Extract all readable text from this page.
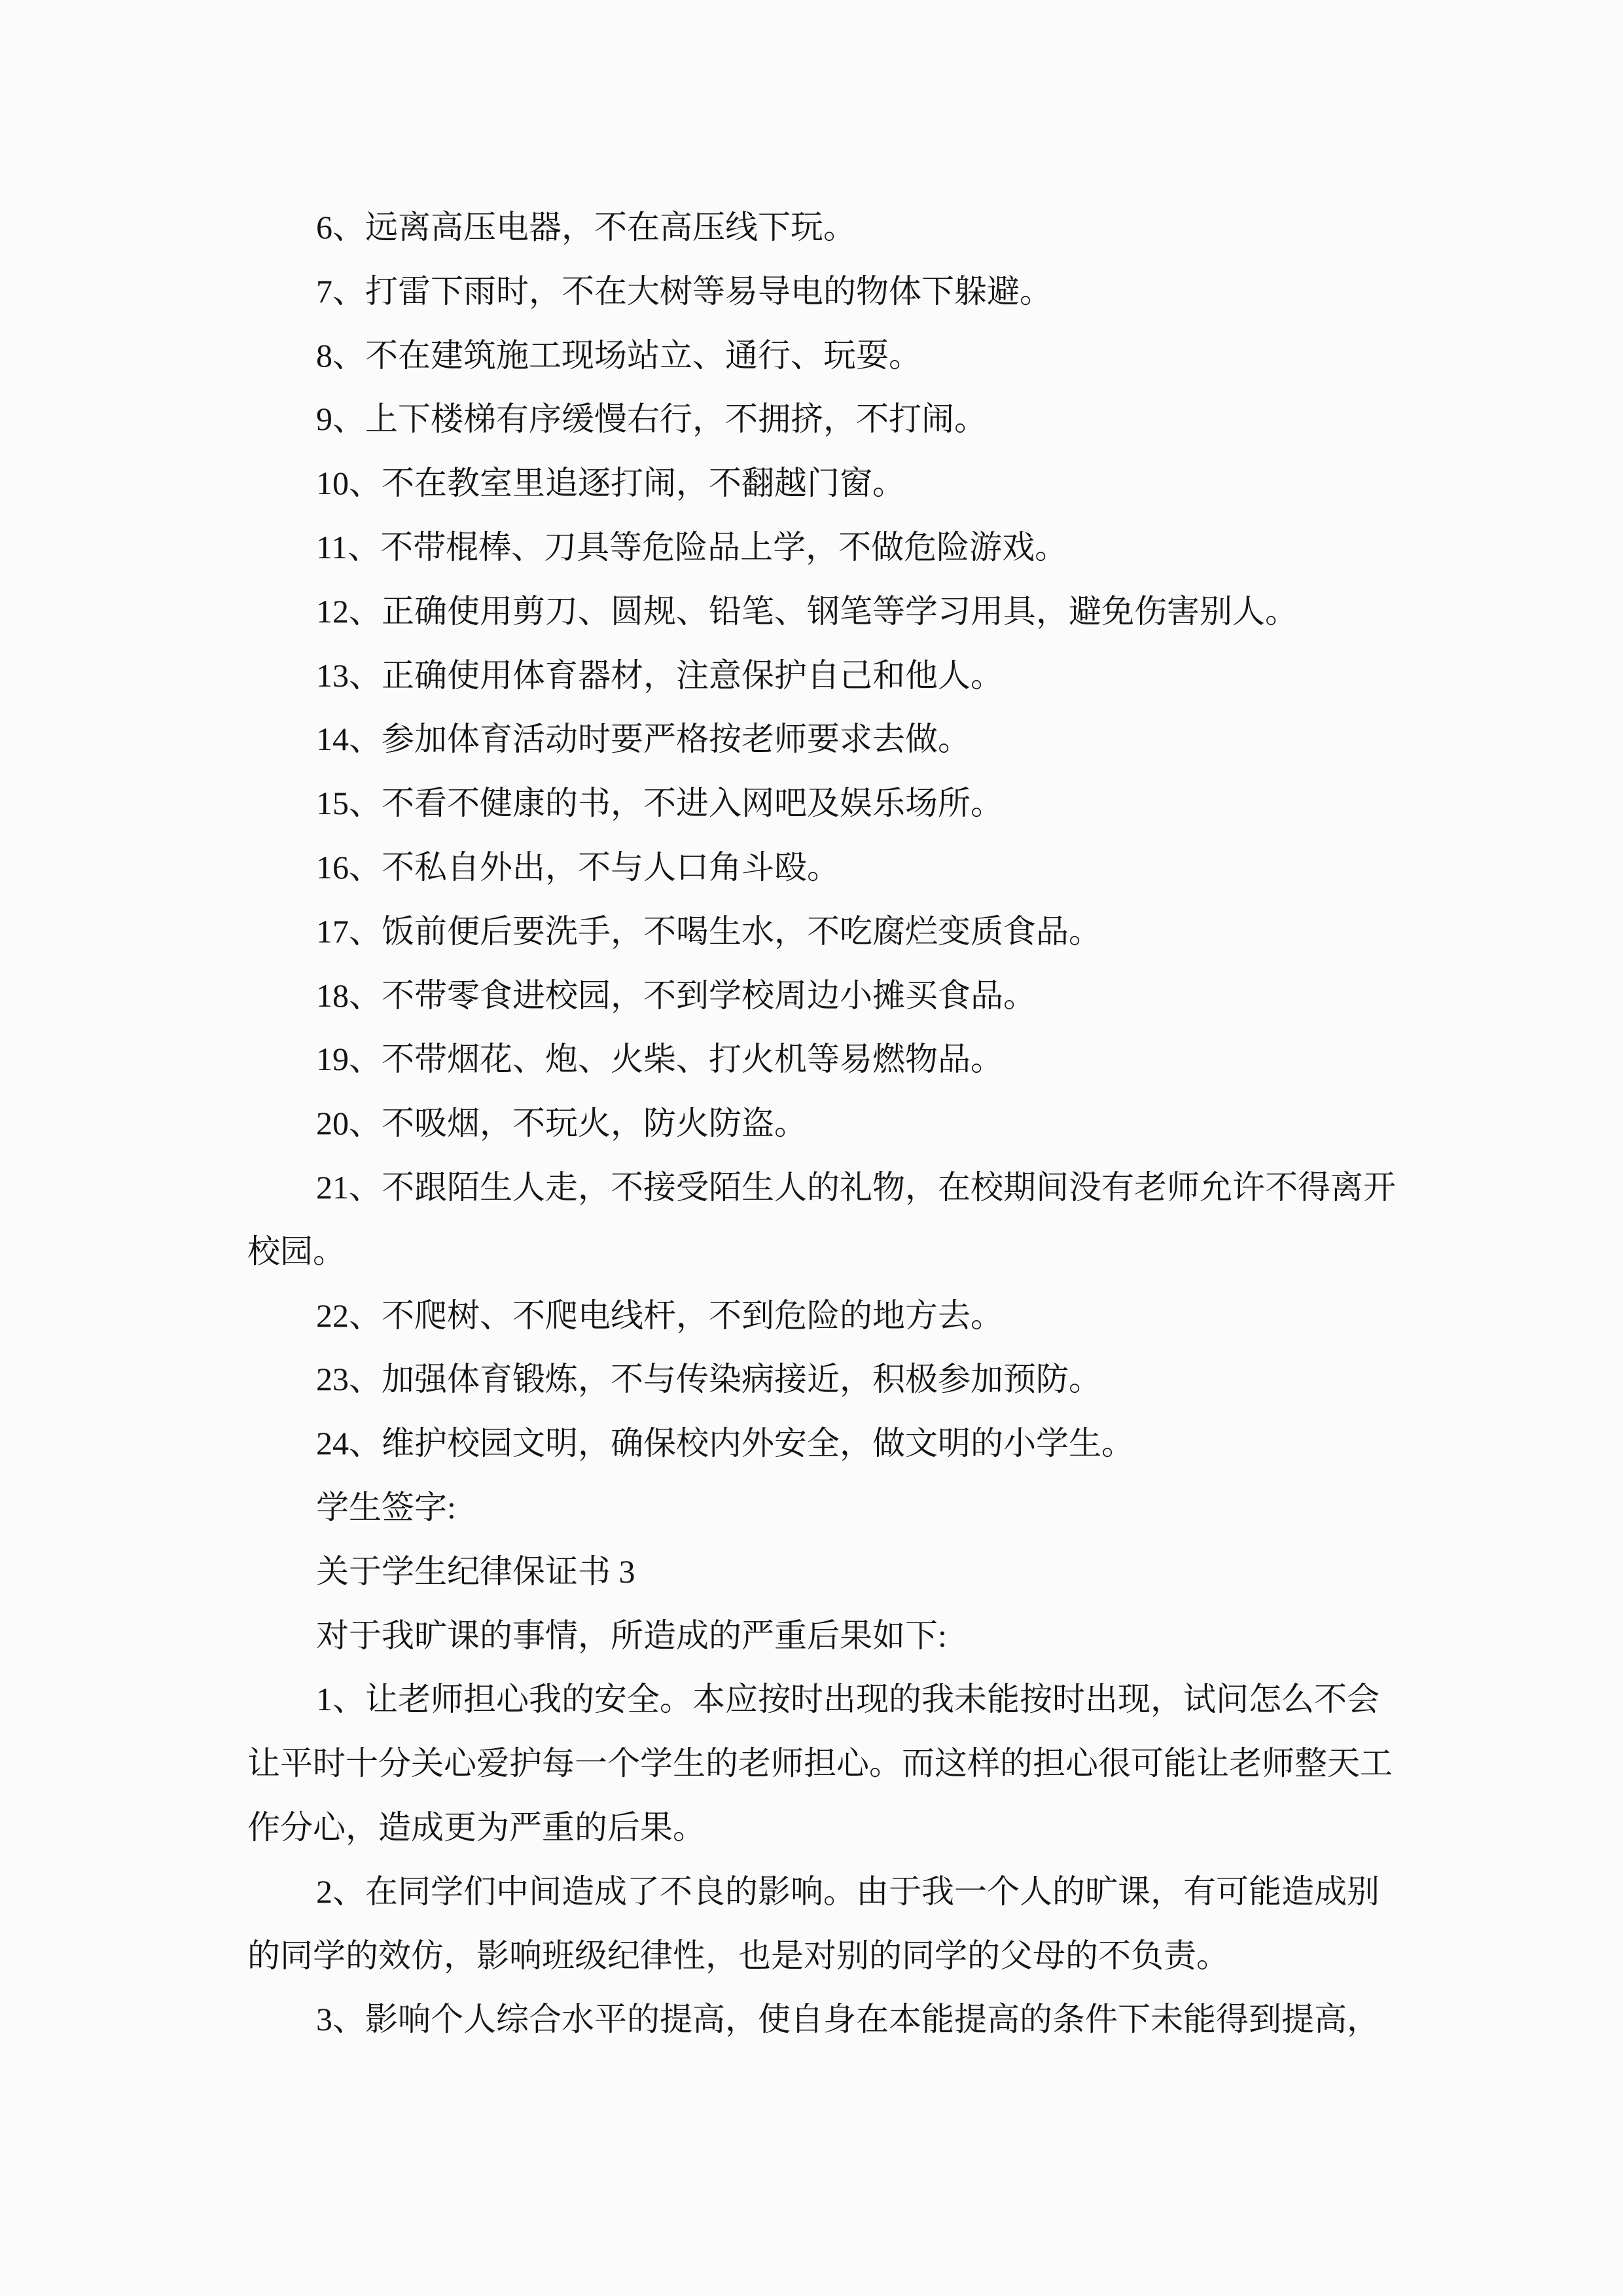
6、远离高压电器，不在高压线下玩。
7、打雷下雨时，不在大树等易导电的物体下躲避。
8、不在建筑施工现场站立、通行、玩耍。
9、上下楼梯有序缓慢右行，不拥挤，不打闹。
10、不在教室里追逐打闹，不翻越门窗。
11、不带棍棒、刀具等危险品上学，不做危险游戏。
12、正确使用剪刀、圆规、铅笔、钢笔等学习用具，避免伤害别人。
13、正确使用体育器材，注意保护自己和他人。
14、参加体育活动时要严格按老师要求去做。
15、不看不健康的书，不进入网吧及娱乐场所。
16、不私自外出，不与人口角斗殴。
17、饭前便后要洗手，不喝生水，不吃腐烂变质食品。
18、不带零食进校园，不到学校周边小摊买食品。
19、不带烟花、炮、火柴、打火机等易燃物品。
20、不吸烟，不玩火，防火防盗。
21、不跟陌生人走，不接受陌生人的礼物，在校期间没有老师允许不得离开
校园。
22、不爬树、不爬电线杆，不到危险的地方去。
23、加强体育锻炼，不与传染病接近，积极参加预防。
24、维护校园文明，确保校内外安全，做文明的小学生。
学生签字:
关于学生纪律保证书 3
对于我旷课的事情，所造成的严重后果如下:
1、让老师担心我的安全。本应按时出现的我未能按时出现，试问怎么不会
让平时十分关心爱护每一个学生的老师担心。而这样的担心很可能让老师整天工
作分心，造成更为严重的后果。
2、在同学们中间造成了不良的影响。由于我一个人的旷课，有可能造成别
的同学的效仿，影响班级纪律性，也是对别的同学的父母的不负责。
3、影响个人综合水平的提高，使自身在本能提高的条件下未能得到提高，
